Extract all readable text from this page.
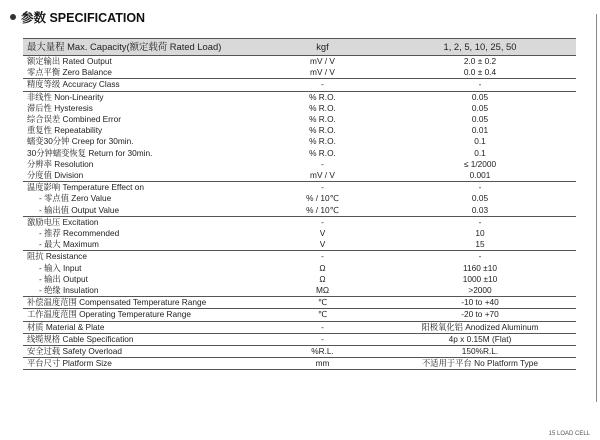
参数 SPECIFICATION
最大量程 Max. Capacity(额定载荷 Rated Load)	kgf	1, 2, 5, 10, 25, 50
额定输出 Rated Output	mV / V	2.0 ± 0.2
零点平衡 Zero Balance	mV / V	0.0 ± 0.4
精度等级 Accuracy Class	-	-
非线性 Non-Linearity	% R.O.	0.05
滞后性 Hysteresis	% R.O.	0.05
综合误差 Combined Error	% R.O.	0.05
重复性 Repeatability	% R.O.	0.01
蠕变30分钟 Creep for 30min.	% R.O.	0.1
30分钟蠕变恢复 Return for 30min.	% R.O.	0.1
分辨率 Resolution	-	≤ 1/2000
分度值 Division	mV / V	0.001
温度影响 Temperature Effect on	-	-
- 零点值 Zero Value	% / 10℃	0.05
- 输出值 Output Value	% / 10℃	0.03
激励电压 Excitation	-	-
- 推荐 Recommended	V	10
- 最大 Maximum	V	15
阻抗 Resistance	-	-
- 输入 Input	Ω	1160 ±10
- 输出 Output	Ω	1000 ±10
- 绝缘 Insulation	MΩ	>2000
补偿温度范围 Compensated Temperature Range	℃	-10 to +40
工作温度范围 Operating Temperature Range	℃	-20 to +70
材质 Material & Plate	-	阳极氧化铝 Anodized Aluminum
线缆规格 Cable Specification	-	4p x 0.15M (Flat)
安全过载 Safety Overload	%R.L.	150%R.L.
平台尺寸 Platform Size	mm	不适用于平台 No Platform Type
15 LOAD CELL
